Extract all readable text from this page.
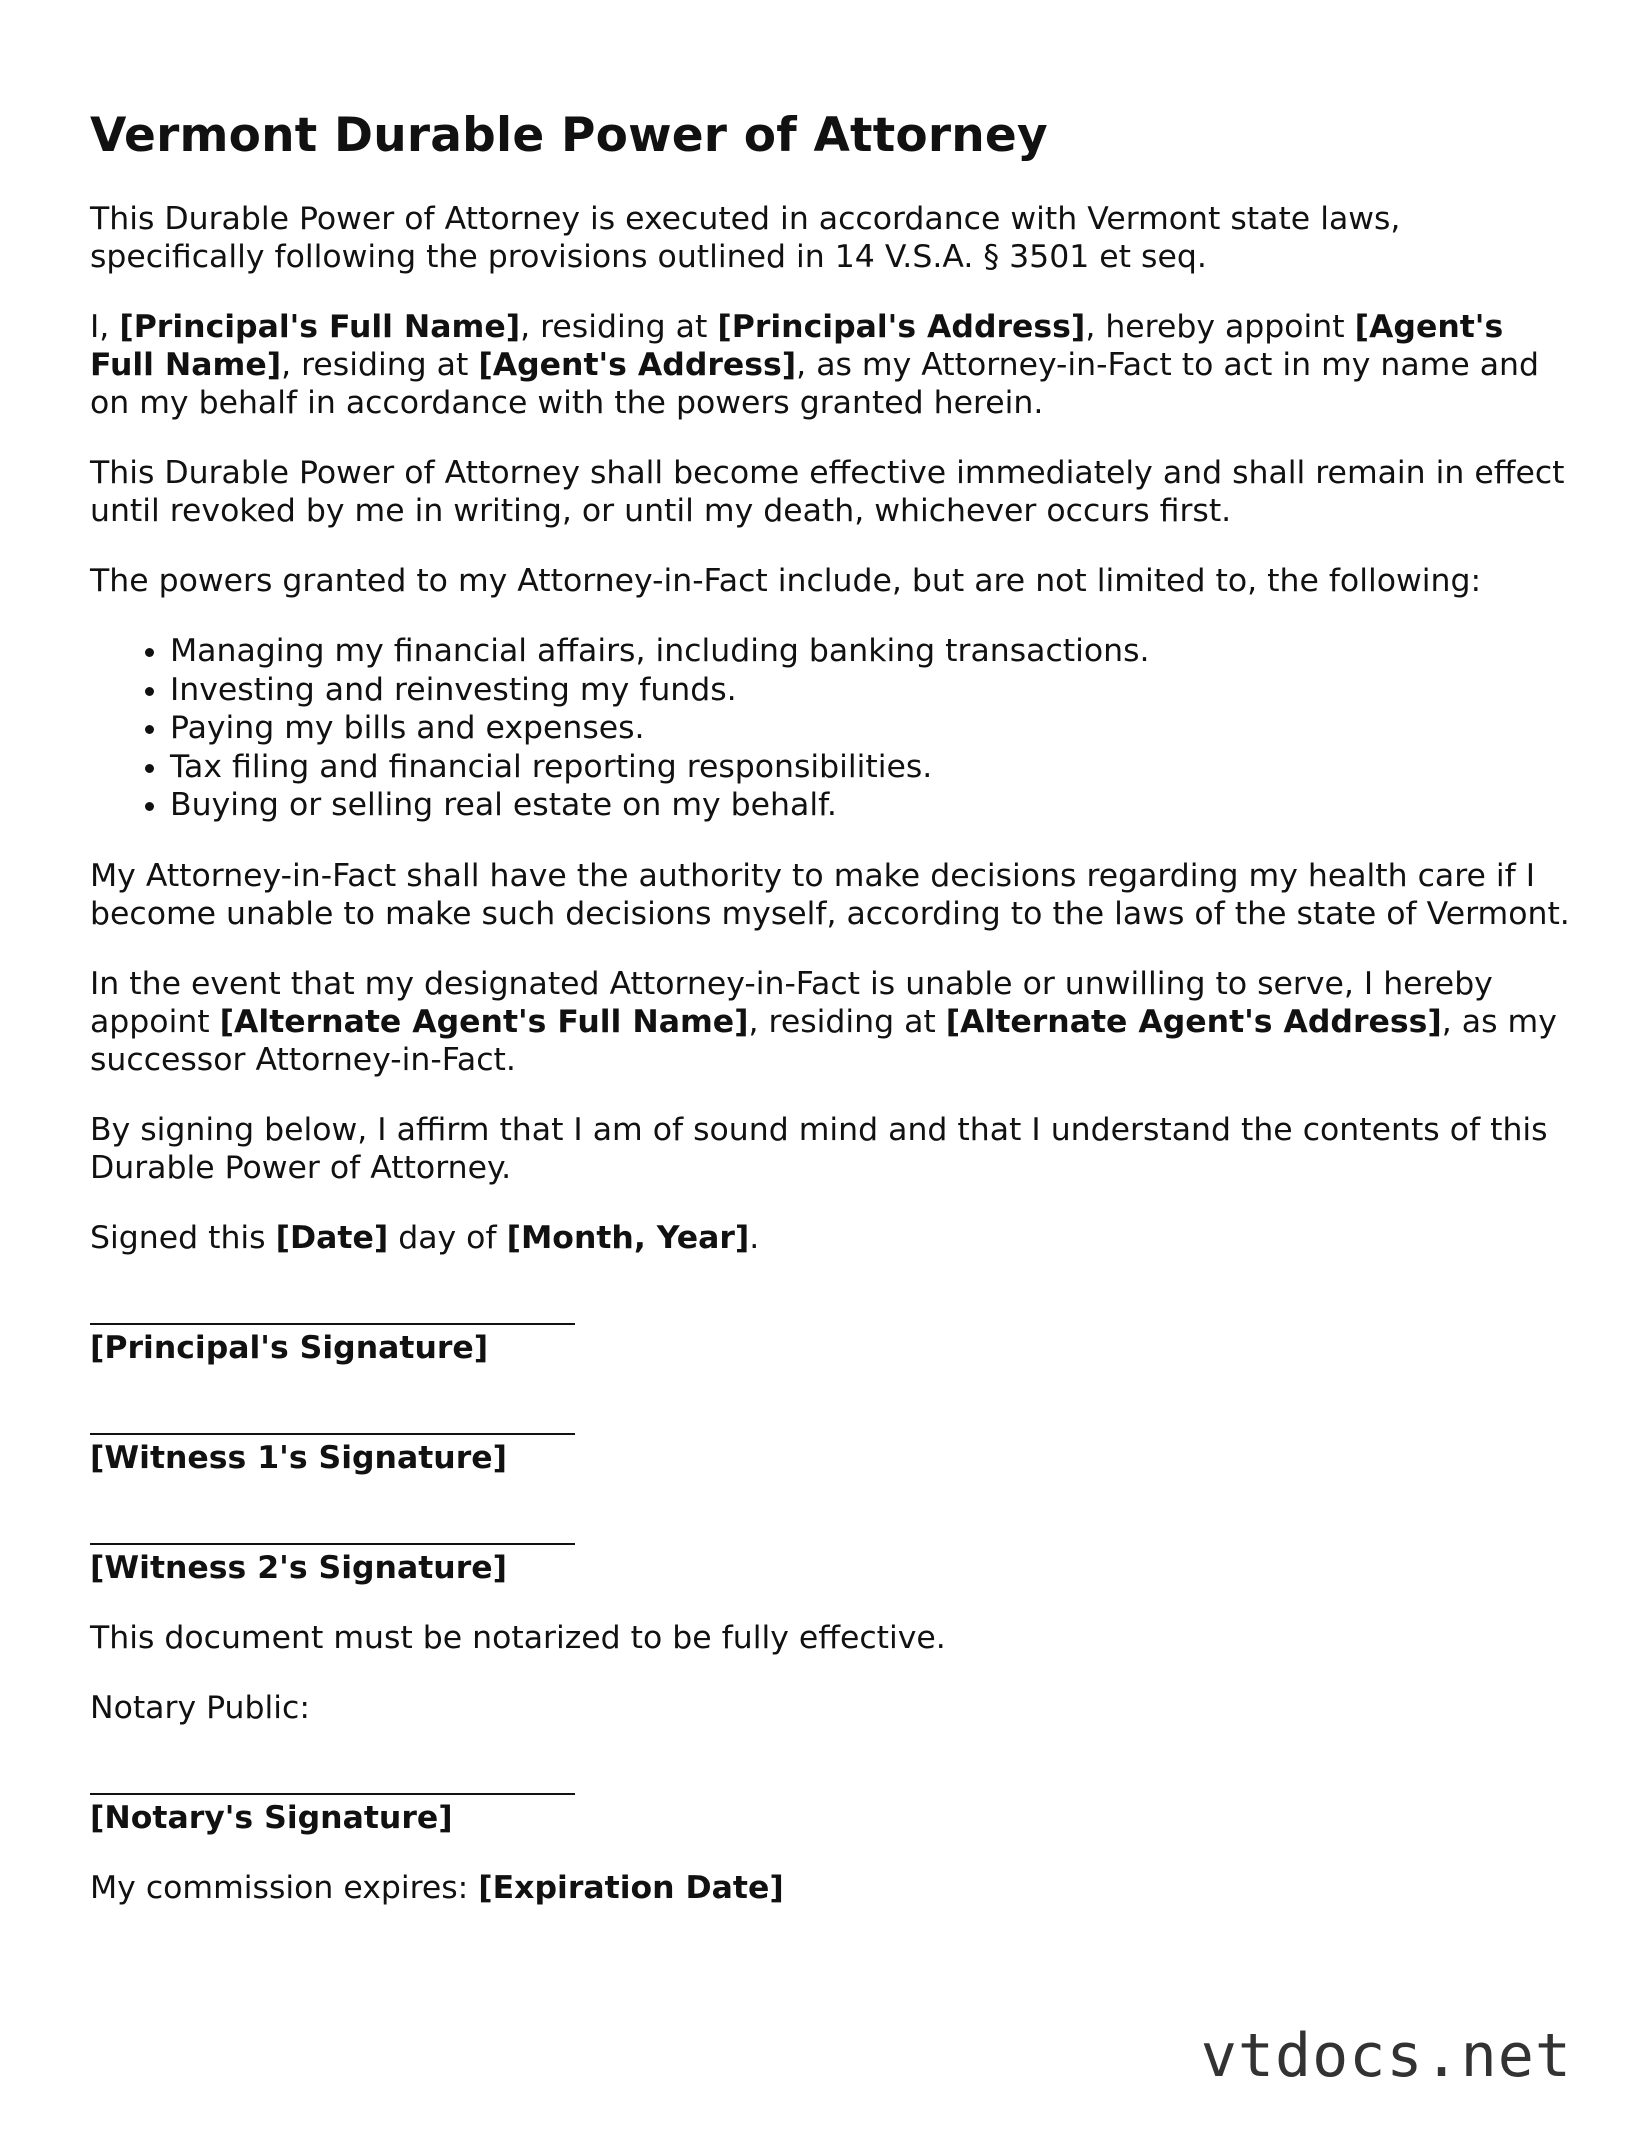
Vermont Durable Power of Attorney

This Durable Power of Attorney is executed in accordance with Vermont state laws, specifically following the provisions outlined in 14 V.S.A. § 3501 et seq.

I, [Principal's Full Name], residing at [Principal's Address], hereby appoint [Agent's Full Name], residing at [Agent's Address], as my Attorney-in-Fact to act in my name and on my behalf in accordance with the powers granted herein.

This Durable Power of Attorney shall become effective immediately and shall remain in effect until revoked by me in writing, or until my death, whichever occurs first.

The powers granted to my Attorney-in-Fact include, but are not limited to, the following:

• Managing my financial affairs, including banking transactions.
• Investing and reinvesting my funds.
• Paying my bills and expenses.
• Tax filing and financial reporting responsibilities.
• Buying or selling real estate on my behalf.

My Attorney-in-Fact shall have the authority to make decisions regarding my health care if I become unable to make such decisions myself, according to the laws of the state of Vermont.

In the event that my designated Attorney-in-Fact is unable or unwilling to serve, I hereby appoint [Alternate Agent's Full Name], residing at [Alternate Agent's Address], as my successor Attorney-in-Fact.

By signing below, I affirm that I am of sound mind and that I understand the contents of this Durable Power of Attorney.

Signed this [Date] day of [Month, Year].

[Principal's Signature]
[Witness 1's Signature]
[Witness 2's Signature]

This document must be notarized to be fully effective.

Notary Public:

[Notary's Signature]

My commission expires: [Expiration Date]

vtdocs.net
